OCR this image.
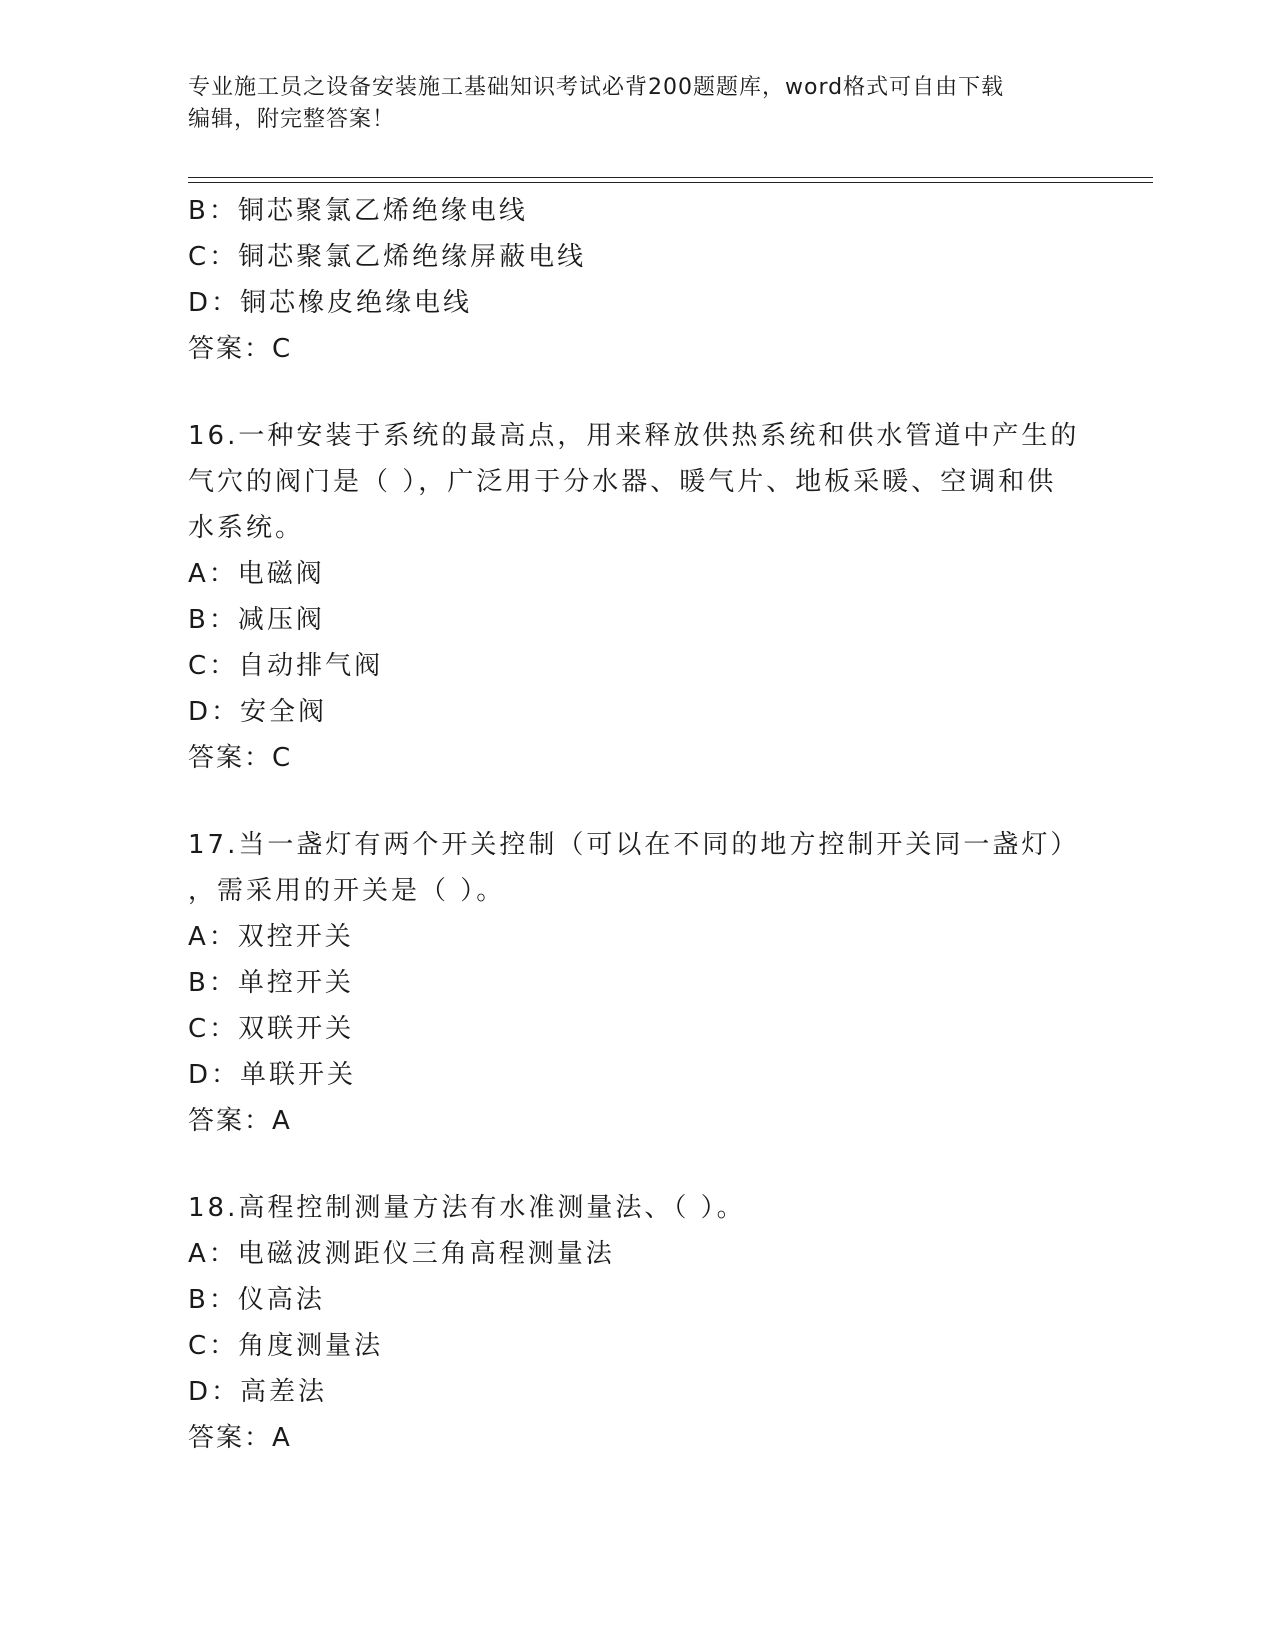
专业施工员之设备安装施工基础知识考试必背200题题库，word格式可自由下载
编辑，附完整答案！
B：铜芯聚氯乙烯绝缘电线
C：铜芯聚氯乙烯绝缘屏蔽电线
D：铜芯橡皮绝缘电线
答案：C
16.一种安装于系统的最高点，用来释放供热系统和供水管道中产生的
气穴的阀门是（ ），广泛用于分水器、暖气片、地板采暖、空调和供
水系统。
A：电磁阀
B：减压阀
C：自动排气阀
D：安全阀
答案：C
17.当一盏灯有两个开关控制（可以在不同的地方控制开关同一盏灯）
，需采用的开关是（ ）。
A：双控开关
B：单控开关
C：双联开关
D：单联开关
答案：A
18.高程控制测量方法有水准测量法、（ ）。
A：电磁波测距仪三角高程测量法
B：仪高法
C：角度测量法
D：高差法
答案：A
